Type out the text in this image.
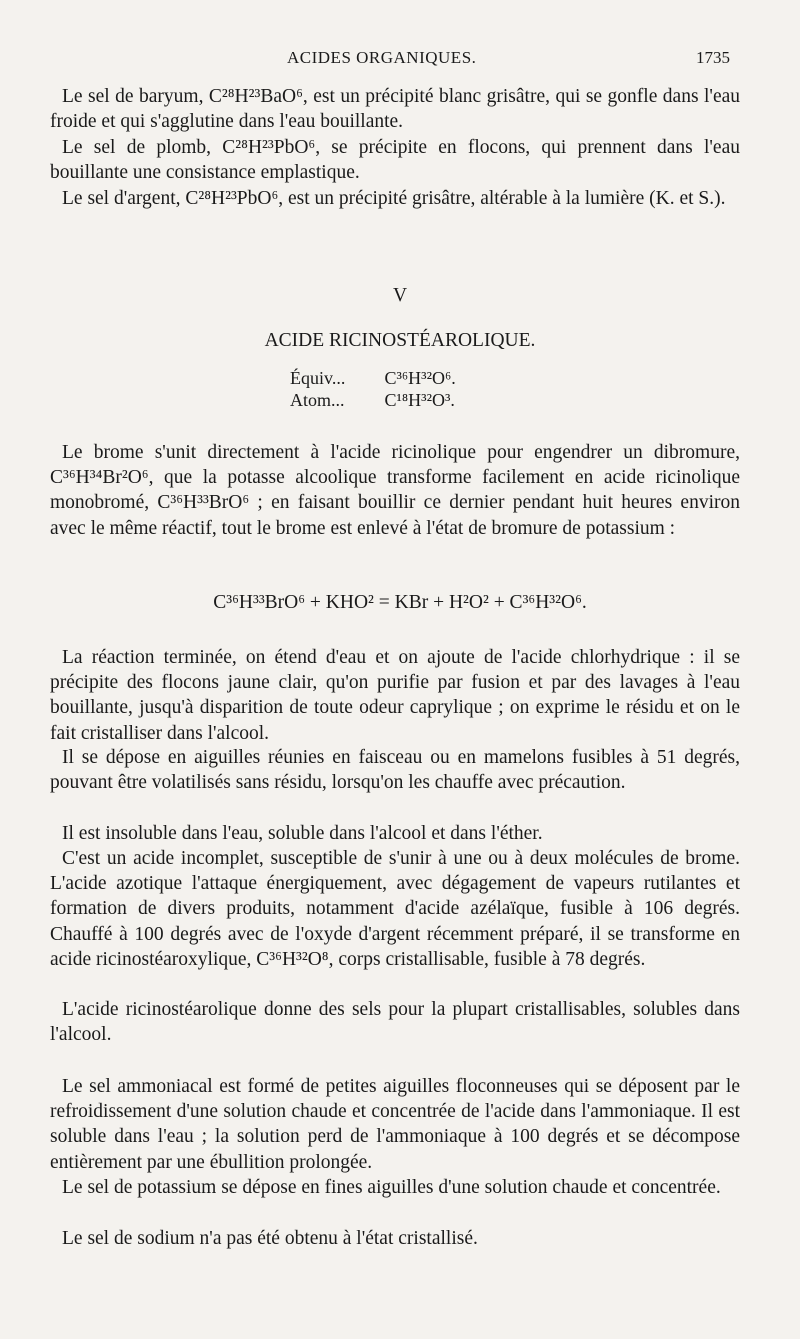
ACIDES ORGANIQUES.	1735

Le sel de baryum, C²⁸H²³BaO⁶, est un précipité blanc grisâtre, qui se gonfle dans l'eau froide et qui s'agglutine dans l'eau bouillante.

Le sel de plomb, C²⁸H²³PbO⁶, se précipite en flocons, qui prennent dans l'eau bouillante une consistance emplastique.

Le sel d'argent, C²⁸H²³PbO⁶, est un précipité grisâtre, altérable à la lumière (K. et S.).

V
ACIDE RICINOSTÉAROLIQUE.
Équiv... C³⁶H³²O⁶.
Atom... C¹⁸H³²O³.

Le brome s'unit directement à l'acide ricinolique pour engendrer un dibromure, C³⁶H³⁴Br²O⁶, que la potasse alcoolique transforme facilement en acide ricinolique monobromé, C³⁶H³³BrO⁶ ; en faisant bouillir ce dernier pendant huit heures environ avec le même réactif, tout le brome est enlevé à l'état de bromure de potassium :

C³⁶H³³BrO⁶ + KHO² = KBr + H²O² + C³⁶H³²O⁶.

La réaction terminée, on étend d'eau et on ajoute de l'acide chlorhydrique : il se précipite des flocons jaune clair, qu'on purifie par fusion et par des lavages à l'eau bouillante, jusqu'à disparition de toute odeur caprylique ; on exprime le résidu et on le fait cristalliser dans l'alcool.

Il se dépose en aiguilles réunies en faisceau ou en mamelons fusibles à 51 degrés, pouvant être volatilisés sans résidu, lorsqu'on les chauffe avec précaution.

Il est insoluble dans l'eau, soluble dans l'alcool et dans l'éther.

C'est un acide incomplet, susceptible de s'unir à une ou à deux molécules de brome. L'acide azotique l'attaque énergiquement, avec dégagement de vapeurs rutilantes et formation de divers produits, notamment d'acide azélaïque, fusible à 106 degrés. Chauffé à 100 degrés avec de l'oxyde d'argent récemment préparé, il se transforme en acide ricinostéaroxylique, C³⁶H³²O⁸, corps cristallisable, fusible à 78 degrés.

L'acide ricinostéarolique donne des sels pour la plupart cristallisables, solubles dans l'alcool.

Le sel ammoniacal est formé de petites aiguilles floconneuses qui se déposent par le refroidissement d'une solution chaude et concentrée de l'acide dans l'ammoniaque. Il est soluble dans l'eau ; la solution perd de l'ammoniaque à 100 degrés et se décompose entièrement par une ébullition prolongée.

Le sel de potassium se dépose en fines aiguilles d'une solution chaude et concentrée.

Le sel de sodium n'a pas été obtenu à l'état cristallisé.
